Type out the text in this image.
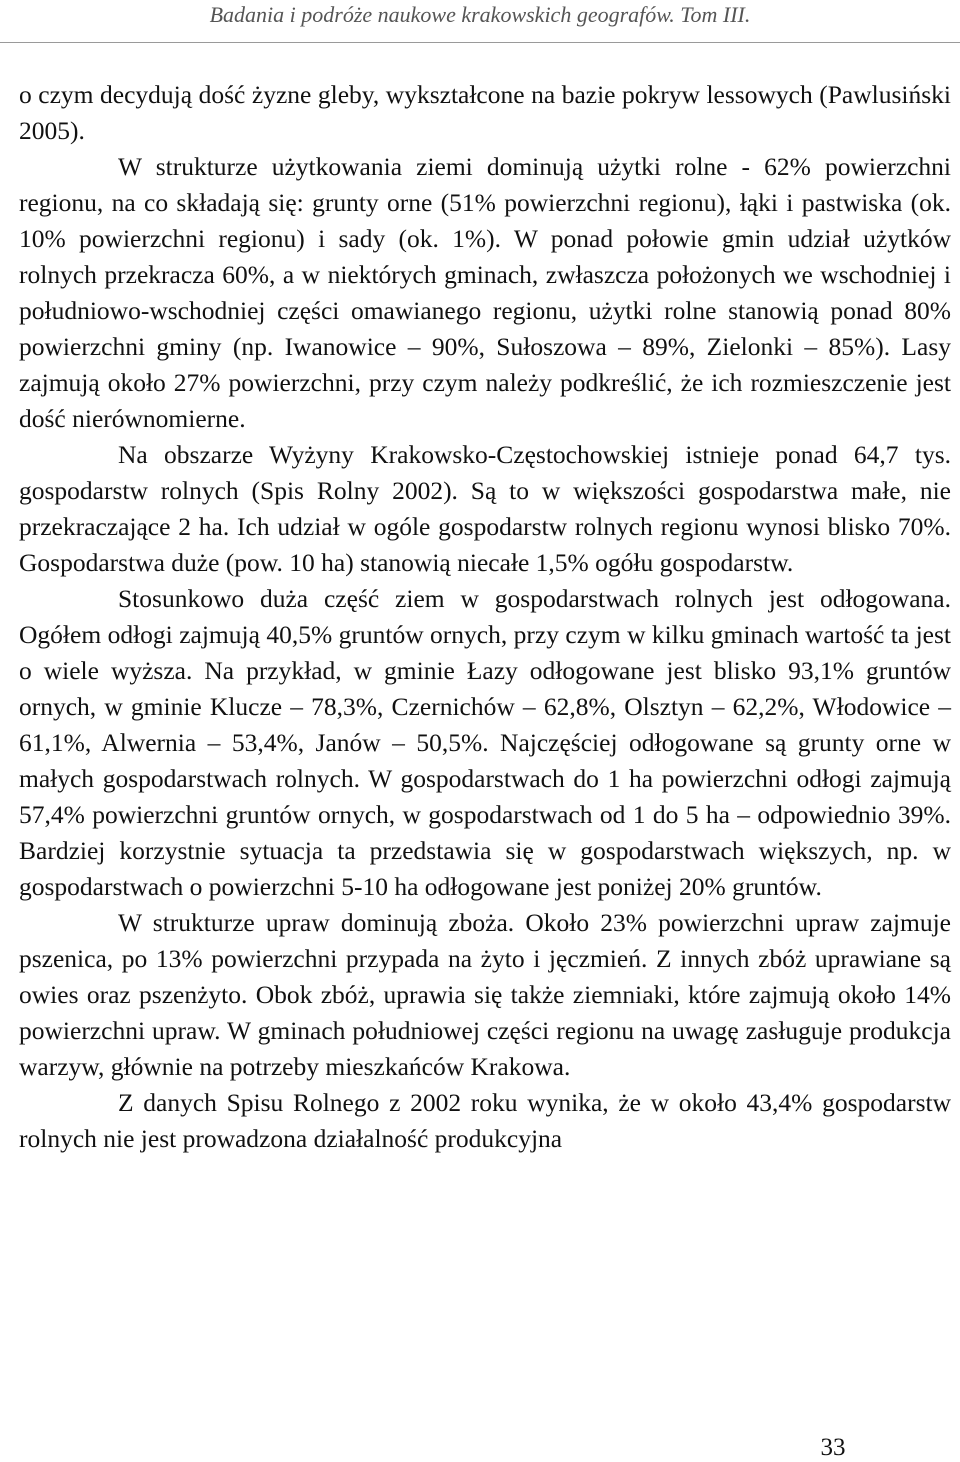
Badania i podróże naukowe krakowskich geografów. Tom III.

o czym decydują dość żyzne gleby, wykształcone na bazie pokryw lessowych (Pawlusiński 2005).

W strukturze użytkowania ziemi dominują użytki rolne - 62% powierzchni regionu, na co składają się: grunty orne (51% powierzchni regionu), łąki i pastwiska (ok. 10% powierzchni regionu) i sady (ok. 1%). W ponad połowie gmin udział użytków rolnych przekracza 60%, a w niektórych gminach, zwłaszcza położonych we wschodniej i południowo-wschodniej części omawianego regionu, użytki rolne stanowią ponad 80% powierzchni gminy (np. Iwanowice – 90%, Sułoszowa – 89%, Zielonki – 85%). Lasy zajmują około 27% powierzchni, przy czym należy podkreślić, że ich rozmieszczenie jest dość nierównomierne.

Na obszarze Wyżyny Krakowsko-Częstochowskiej istnieje ponad 64,7 tys. gospodarstw rolnych (Spis Rolny 2002). Są to w większości gospodarstwa małe, nie przekraczające 2 ha. Ich udział w ogóle gospodarstw rolnych regionu wynosi blisko 70%. Gospodarstwa duże (pow. 10 ha) stanowią niecałe 1,5% ogółu gospodarstw.

Stosunkowo duża część ziem w gospodarstwach rolnych jest odłogowana. Ogółem odłogi zajmują 40,5% gruntów ornych, przy czym w kilku gminach wartość ta jest o wiele wyższa. Na przykład, w gminie Łazy odłogowane jest blisko 93,1% gruntów ornych, w gminie Klucze – 78,3%, Czernichów – 62,8%, Olsztyn – 62,2%, Włodowice – 61,1%, Alwernia – 53,4%, Janów – 50,5%. Najczęściej odłogowane są grunty orne w małych gospodarstwach rolnych. W gospodarstwach do 1 ha powierzchni odłogi zajmują 57,4% powierzchni gruntów ornych, w gospodarstwach od 1 do 5 ha – odpowiednio 39%. Bardziej korzystnie sytuacja ta przedstawia się w gospodarstwach większych, np. w gospodarstwach o powierzchni 5-10 ha odłogowane jest poniżej 20% gruntów.

W strukturze upraw dominują zboża. Około 23% powierzchni upraw zajmuje pszenica, po 13% powierzchni przypada na żyto i jęczmień. Z innych zbóż uprawiane są owies oraz pszenżyto. Obok zbóż, uprawia się także ziemniaki, które zajmują około 14% powierzchni upraw. W gminach południowej części regionu na uwagę zasługuje produkcja warzyw, głównie na potrzeby mieszkańców Krakowa.

Z danych Spisu Rolnego z 2002 roku wynika, że w około 43,4% gospodarstw rolnych nie jest prowadzona działalność produkcyjna

33
